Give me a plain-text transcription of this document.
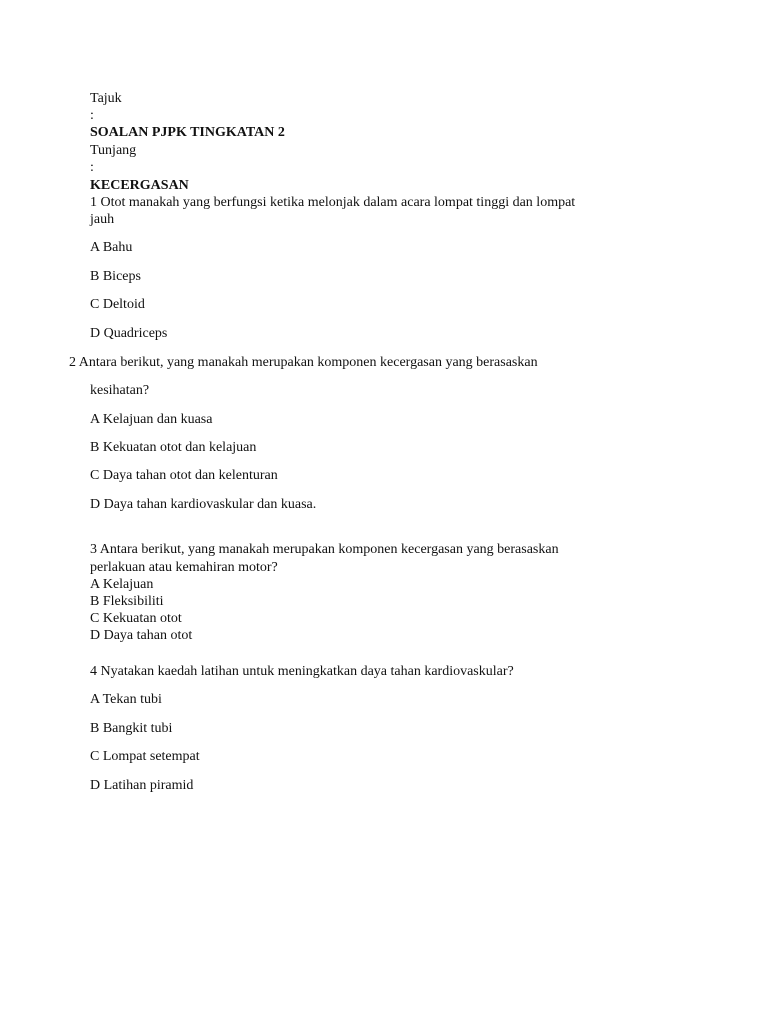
Tajuk
:
SOALAN PJPK TINGKATAN 2
Tunjang
:
KECERGASAN
1 Otot manakah yang berfungsi ketika melonjak dalam acara lompat tinggi dan lompat
jauh
A Bahu
B Biceps
C Deltoid
D Quadriceps
2 Antara berikut, yang manakah merupakan komponen kecergasan yang berasaskan
kesihatan?
A Kelajuan dan kuasa
B Kekuatan otot dan kelajuan
C Daya tahan otot dan kelenturan
D Daya tahan kardiovaskular dan kuasa.
3 Antara berikut, yang manakah merupakan komponen kecergasan yang berasaskan
perlakuan atau kemahiran motor?
A Kelajuan
B Fleksibiliti
C Kekuatan otot
D Daya tahan otot
4 Nyatakan kaedah latihan untuk meningkatkan daya tahan kardiovaskular?
A Tekan tubi
B Bangkit tubi
C Lompat setempat
D Latihan piramid
